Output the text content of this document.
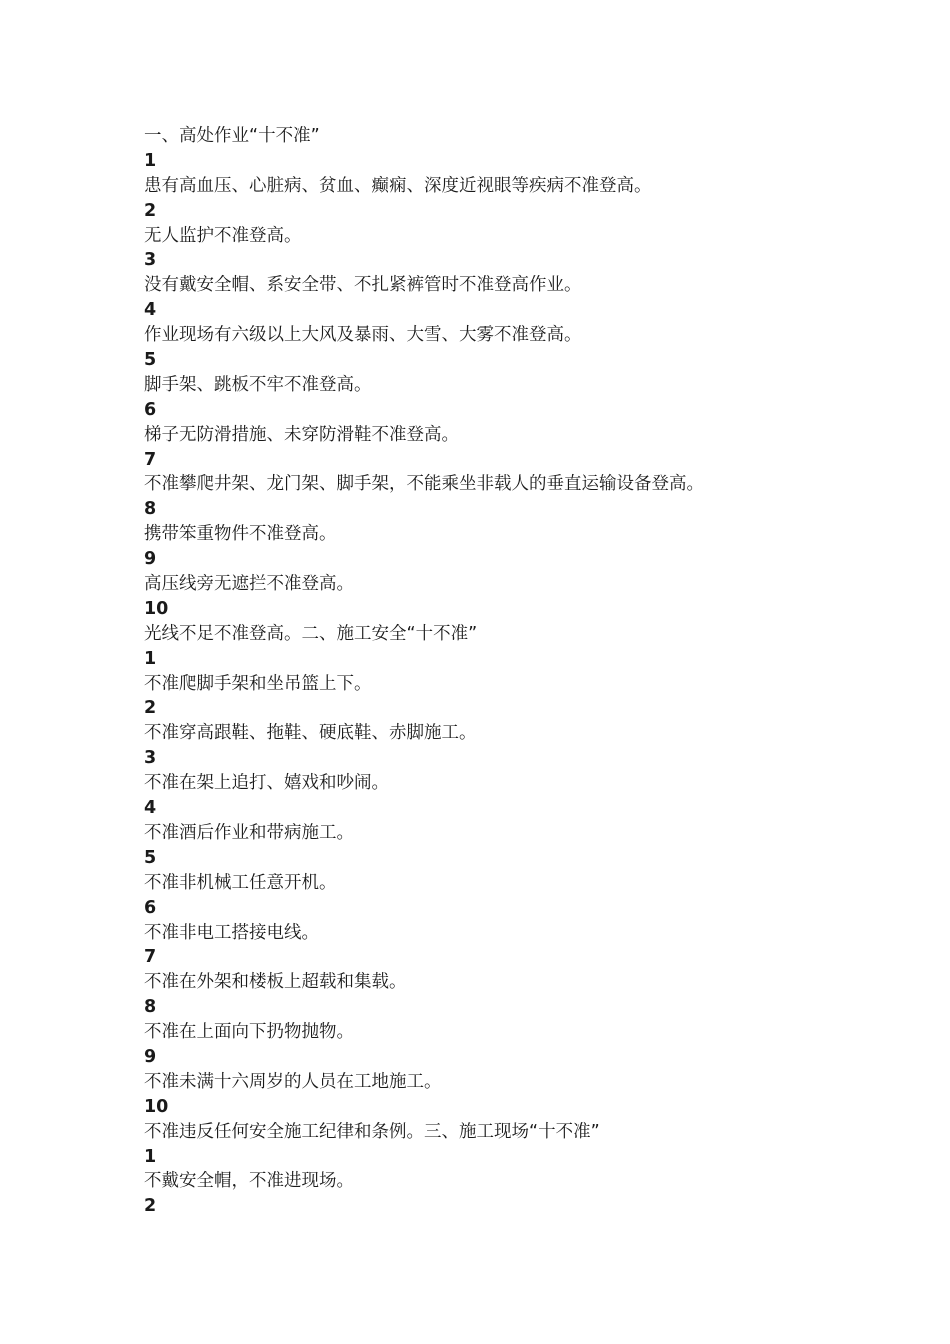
一、高处作业“十不准”
1
患有高血压、心脏病、贫血、癫痫、深度近视眼等疾病不准登高。
2
无人监护不准登高。
3
没有戴安全帽、系安全带、不扎紧裤管时不准登高作业。
4
作业现场有六级以上大风及暴雨、大雪、大雾不准登高。
5
脚手架、跳板不牢不准登高。
6
梯子无防滑措施、未穿防滑鞋不准登高。
7
不准攀爬井架、龙门架、脚手架，不能乘坐非载人的垂直运输设备登高。
8
携带笨重物件不准登高。
9
高压线旁无遮拦不准登高。
10
光线不足不准登高。二、施工安全“十不准”
1
不准爬脚手架和坐吊篮上下。
2
不准穿高跟鞋、拖鞋、硬底鞋、赤脚施工。
3
不准在架上追打、嬉戏和吵闹。
4
不准酒后作业和带病施工。
5
不准非机械工任意开机。
6
不准非电工搭接电线。
7
不准在外架和楼板上超载和集载。
8
不准在上面向下扔物抛物。
9
不准未满十六周岁的人员在工地施工。
10
不准违反任何安全施工纪律和条例。三、施工现场“十不准”
1
不戴安全帽，不准进现场。
2
